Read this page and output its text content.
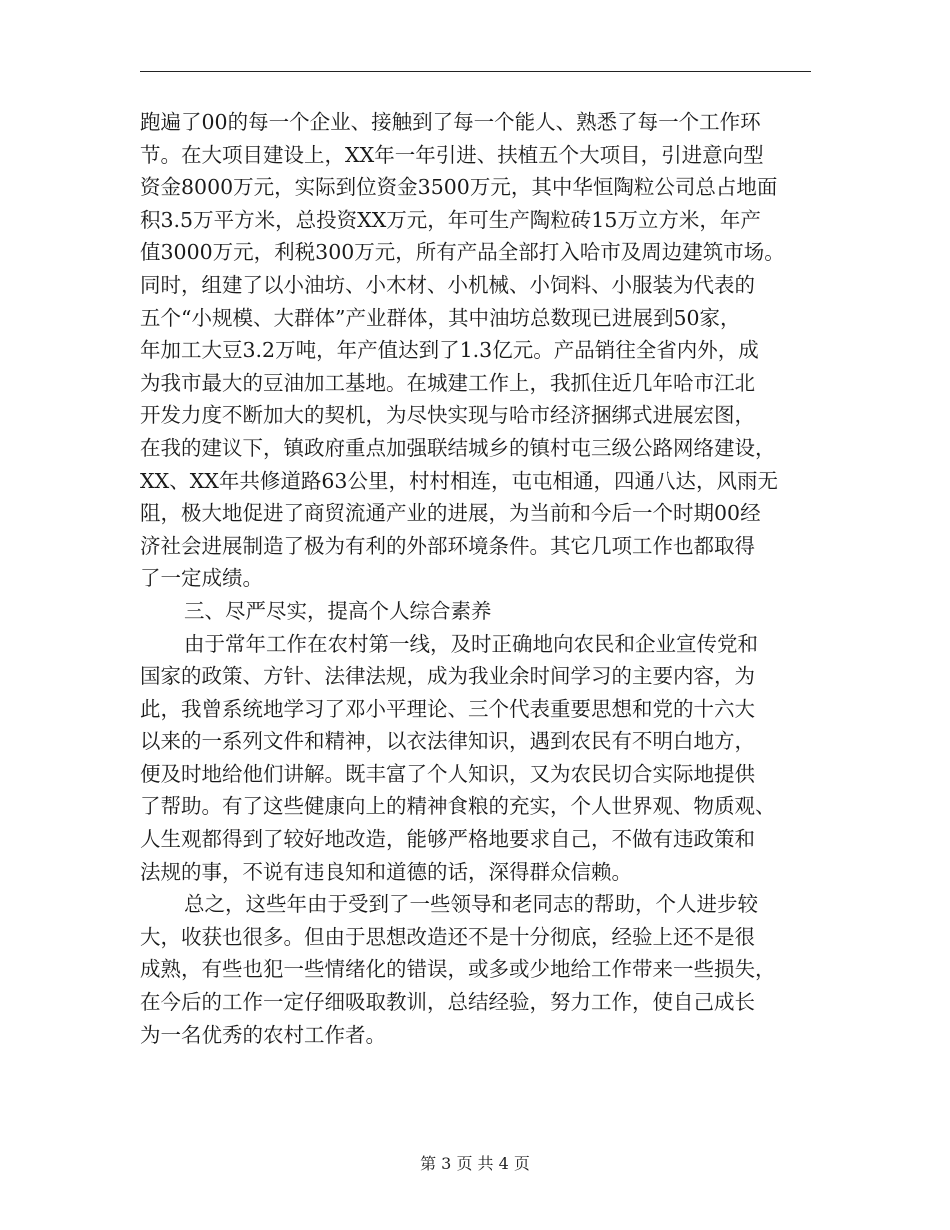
跑遍了00的每一个企业、接触到了每一个能人、熟悉了每一个工作环
节。在大项目建设上，XX年一年引进、扶植五个大项目，引进意向型
资金8000万元，实际到位资金3500万元，其中华恒陶粒公司总占地面
积3.5万平方米，总投资XX万元，年可生产陶粒砖15万立方米，年产
值3000万元，利税300万元，所有产品全部打入哈市及周边建筑市场。
同时，组建了以小油坊、小木材、小机械、小饲料、小服装为代表的
五个“小规模、大群体”产业群体，其中油坊总数现已进展到50家，
年加工大豆3.2万吨，年产值达到了1.3亿元。产品销往全省内外，成
为我市最大的豆油加工基地。在城建工作上，我抓住近几年哈市江北
开发力度不断加大的契机，为尽快实现与哈市经济捆绑式进展宏图，
在我的建议下，镇政府重点加强联结城乡的镇村屯三级公路网络建设，
XX、XX年共修道路63公里，村村相连，屯屯相通，四通八达，风雨无
阻，极大地促进了商贸流通产业的进展，为当前和今后一个时期00经
济社会进展制造了极为有利的外部环境条件。其它几项工作也都取得
了一定成绩。
三、尽严尽实，提高个人综合素养
由于常年工作在农村第一线，及时正确地向农民和企业宣传党和
国家的政策、方针、法律法规，成为我业余时间学习的主要内容，为
此，我曾系统地学习了邓小平理论、三个代表重要思想和党的十六大
以来的一系列文件和精神，以衣法律知识，遇到农民有不明白地方，
便及时地给他们讲解。既丰富了个人知识，又为农民切合实际地提供
了帮助。有了这些健康向上的精神食粮的充实，个人世界观、物质观、
人生观都得到了较好地改造，能够严格地要求自己，不做有违政策和
法规的事，不说有违良知和道德的话，深得群众信赖。
总之，这些年由于受到了一些领导和老同志的帮助，个人进步较
大，收获也很多。但由于思想改造还不是十分彻底，经验上还不是很
成熟，有些也犯一些情绪化的错误，或多或少地给工作带来一些损失，
在今后的工作一定仔细吸取教训，总结经验，努力工作，使自己成长
为一名优秀的农村工作者。
第 3 页 共 4 页
